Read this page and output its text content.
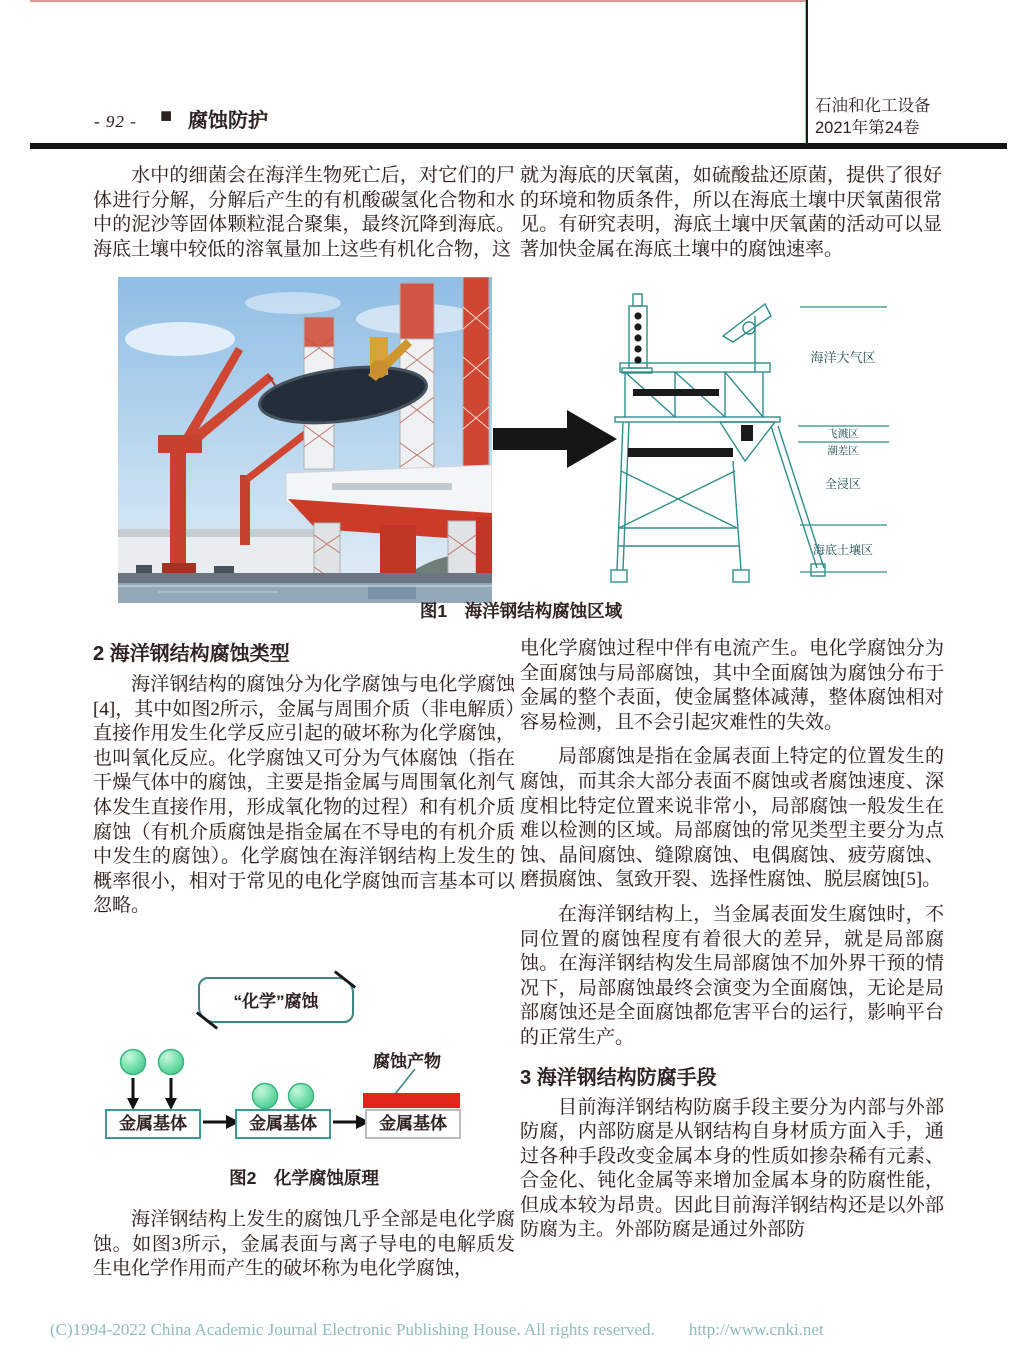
- 92 - ■ 腐蚀防护
石油和化工设备
2021年第24卷

水中的细菌会在海洋生物死亡后，对它们的尸体进行分解，分解后产生的有机酸碳氢化合物和水中的泥沙等固体颗粒混合聚集，最终沉降到海底。海底土壤中较低的溶氧量加上这些有机化合物，这

就为海底的厌氧菌，如硫酸盐还原菌，提供了很好的环境和物质条件，所以在海底土壤中厌氧菌很常见。有研究表明，海底土壤中厌氧菌的活动可以显著加快金属在海底土壤中的腐蚀速率。

海洋大气区
飞溅区
潮差区
全浸区
海底土壤区
图1　海洋钢结构腐蚀区域
2 海洋钢结构腐蚀类型

海洋钢结构的腐蚀分为化学腐蚀与电化学腐蚀[4]，其中如图2所示，金属与周围介质（非电解质）直接作用发生化学反应引起的破坏称为化学腐蚀，也叫氧化反应。化学腐蚀又可分为气体腐蚀（指在干燥气体中的腐蚀，主要是指金属与周围氧化剂气体发生直接作用，形成氧化物的过程）和有机介质腐蚀（有机介质腐蚀是指金属在不导电的有机介质中发生的腐蚀）。化学腐蚀在海洋钢结构上发生的概率很小，相对于常见的电化学腐蚀而言基本可以忽略。

“化学”腐蚀
金属基体	金属基体	金属基体
腐蚀产物
图2　化学腐蚀原理

海洋钢结构上发生的腐蚀几乎全部是电化学腐蚀。如图3所示，金属表面与离子导电的电解质发生电化学作用而产生的破坏称为电化学腐蚀，

电化学腐蚀过程中伴有电流产生。电化学腐蚀分为全面腐蚀与局部腐蚀，其中全面腐蚀为腐蚀分布于金属的整个表面，使金属整体减薄，整体腐蚀相对容易检测，且不会引起灾难性的失效。

局部腐蚀是指在金属表面上特定的位置发生的腐蚀，而其余大部分表面不腐蚀或者腐蚀速度、深度相比特定位置来说非常小，局部腐蚀一般发生在难以检测的区域。局部腐蚀的常见类型主要分为点蚀、晶间腐蚀、缝隙腐蚀、电偶腐蚀、疲劳腐蚀、磨损腐蚀、氢致开裂、选择性腐蚀、脱层腐蚀[5]。

在海洋钢结构上，当金属表面发生腐蚀时，不同位置的腐蚀程度有着很大的差异，就是局部腐蚀。在海洋钢结构发生局部腐蚀不加外界干预的情况下，局部腐蚀最终会演变为全面腐蚀，无论是局部腐蚀还是全面腐蚀都危害平台的运行，影响平台的正常生产。

3 海洋钢结构防腐手段

目前海洋钢结构防腐手段主要分为内部与外部防腐，内部防腐是从钢结构自身材质方面入手，通过各种手段改变金属本身的性质如掺杂稀有元素、合金化、钝化金属等来增加金属本身的防腐性能，但成本较为昂贵。因此目前海洋钢结构还是以外部防腐为主。外部防腐是通过外部防

(C)1994-2022 China Academic Journal Electronic Publishing House. All rights reserved. http://www.cnki.net
